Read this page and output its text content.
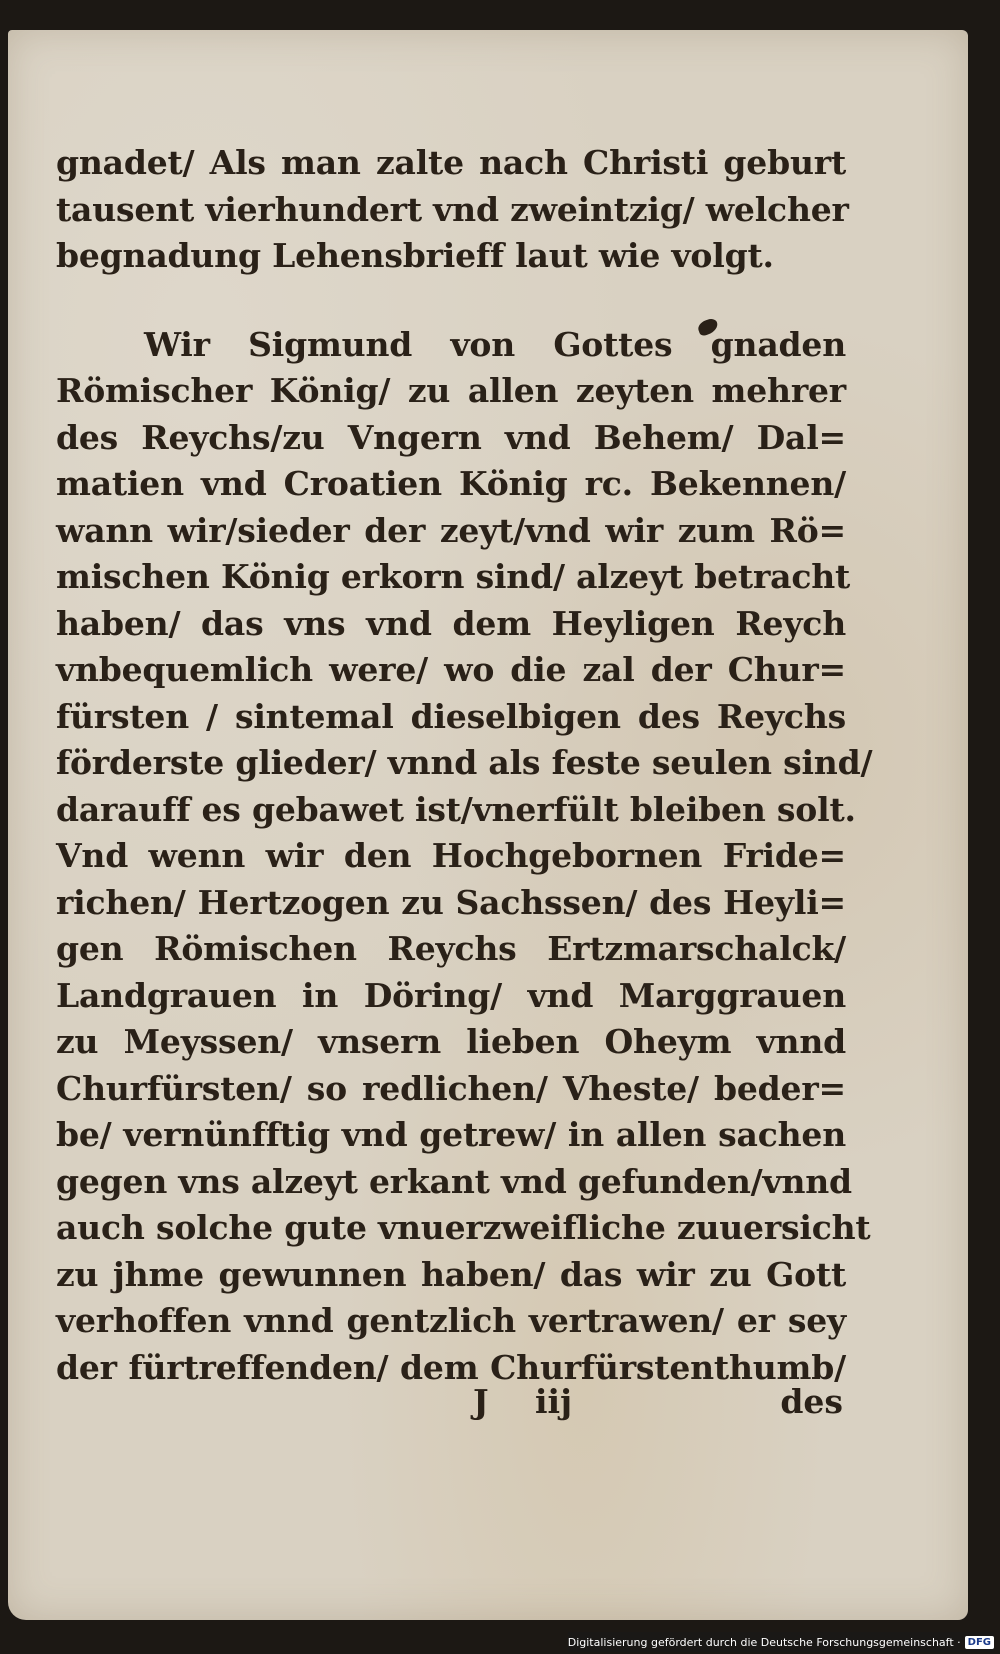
gnadet/ Als man zalte nach Christi geburt
tausent vierhundert vnd zweintzig/ welcher
begnadung Lehensbrieff laut wie volgt.
Wir Sigmund von Gottes gnaden
Römischer König/ zu allen zeyten mehrer
des Reychs/zu Vngern vnd Behem/ Dal=
matien vnd Croatien König rc. Bekennen/
wann wir/sieder der zeyt/vnd wir zum Rö=
mischen König erkorn sind/ alzeyt betracht
haben/ das vns vnd dem Heyligen Reych
vnbequemlich were/ wo die zal der Chur=
fürsten / sintemal dieselbigen des Reychs
förderste glieder/ vnnd als feste seulen sind/
darauff es gebawet ist/vnerfült bleiben solt.
Vnd wenn wir den Hochgebornen Fride=
richen/ Hertzogen zu Sachssen/ des Heyli=
gen Römischen Reychs Ertzmarschalck/
Landgrauen in Döring/ vnd Marggrauen
zu Meyssen/ vnsern lieben Oheym vnnd
Churfürsten/ so redlichen/ Vheste/ beder=
be/ vernünfftig vnd getrew/ in allen sachen
gegen vns alzeyt erkant vnd gefunden/vnnd
auch solche gute vnuerzweifliche zuuersicht
zu jhme gewunnen haben/ das wir zu Gott
verhoffen vnnd gentzlich vertrawen/ er sey
der fürtreffenden/ dem Churfürstenthumb/
J iij	des
Digitalisierung gefördert durch die Deutsche Forschungsgemeinschaft · DFG
